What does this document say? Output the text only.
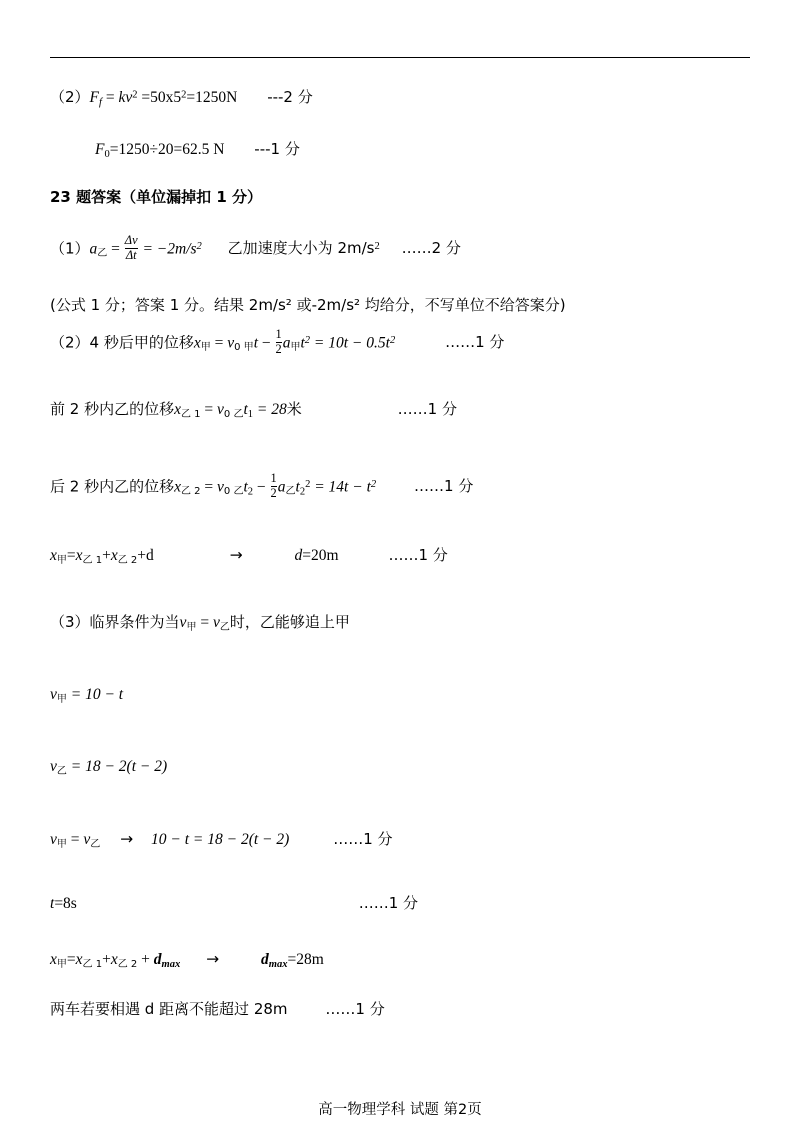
$(2)F_f = kv^2 =50x5^2=1250N$ ---2 分
$F_0=1250\div 20=62.5$ N ---1 分
23 题答案（单位漏掉扣 1 分）
$(1)a_乙 = \frac{\Delta v}{\Delta t} = -2m/s^2$ 乙加速度大小为 $2m/s^2$ ……2 分
(公式 1 分；答案 1 分。结果 2m/s² 或-2m/s² 均给分，不写单位不给答案分)
（2）4 秒后甲的位移$x_甲 = v_{0 甲}t - \frac{1}{2} a_甲t^2 = 10t - 0.5t^2$	……1 分
前 2 秒内乙的位移$x_{乙 1} = v_{0 乙}t_1 = 28$米	……1 分
后 2 秒内乙的位移$x_{乙 2} = v_{0 乙}t_2 - \frac{1}{2} a_乙t_2^2 = 14t - t^2$	……1 分
$x_甲=x_{乙 1}+x_{乙 2}+d$	→	d=20m	……1 分
（3）临界条件为当$v_甲 = v_乙$时，乙能够追上甲
$v_甲 = 10 - t$
$v_乙 = 18 - 2(t - 2)$
$v_甲 = v_乙 \to 10 - t = 18 - 2(t - 2)$	……1 分
t=8s	……1 分
$x_甲=x_{乙 1}+x_{乙 2} + d_{max}$ →	$d_{max}=28m$
两车若要相遇 d 距离不能超过 28m	……1 分
高一物理学科 试题 第2页
